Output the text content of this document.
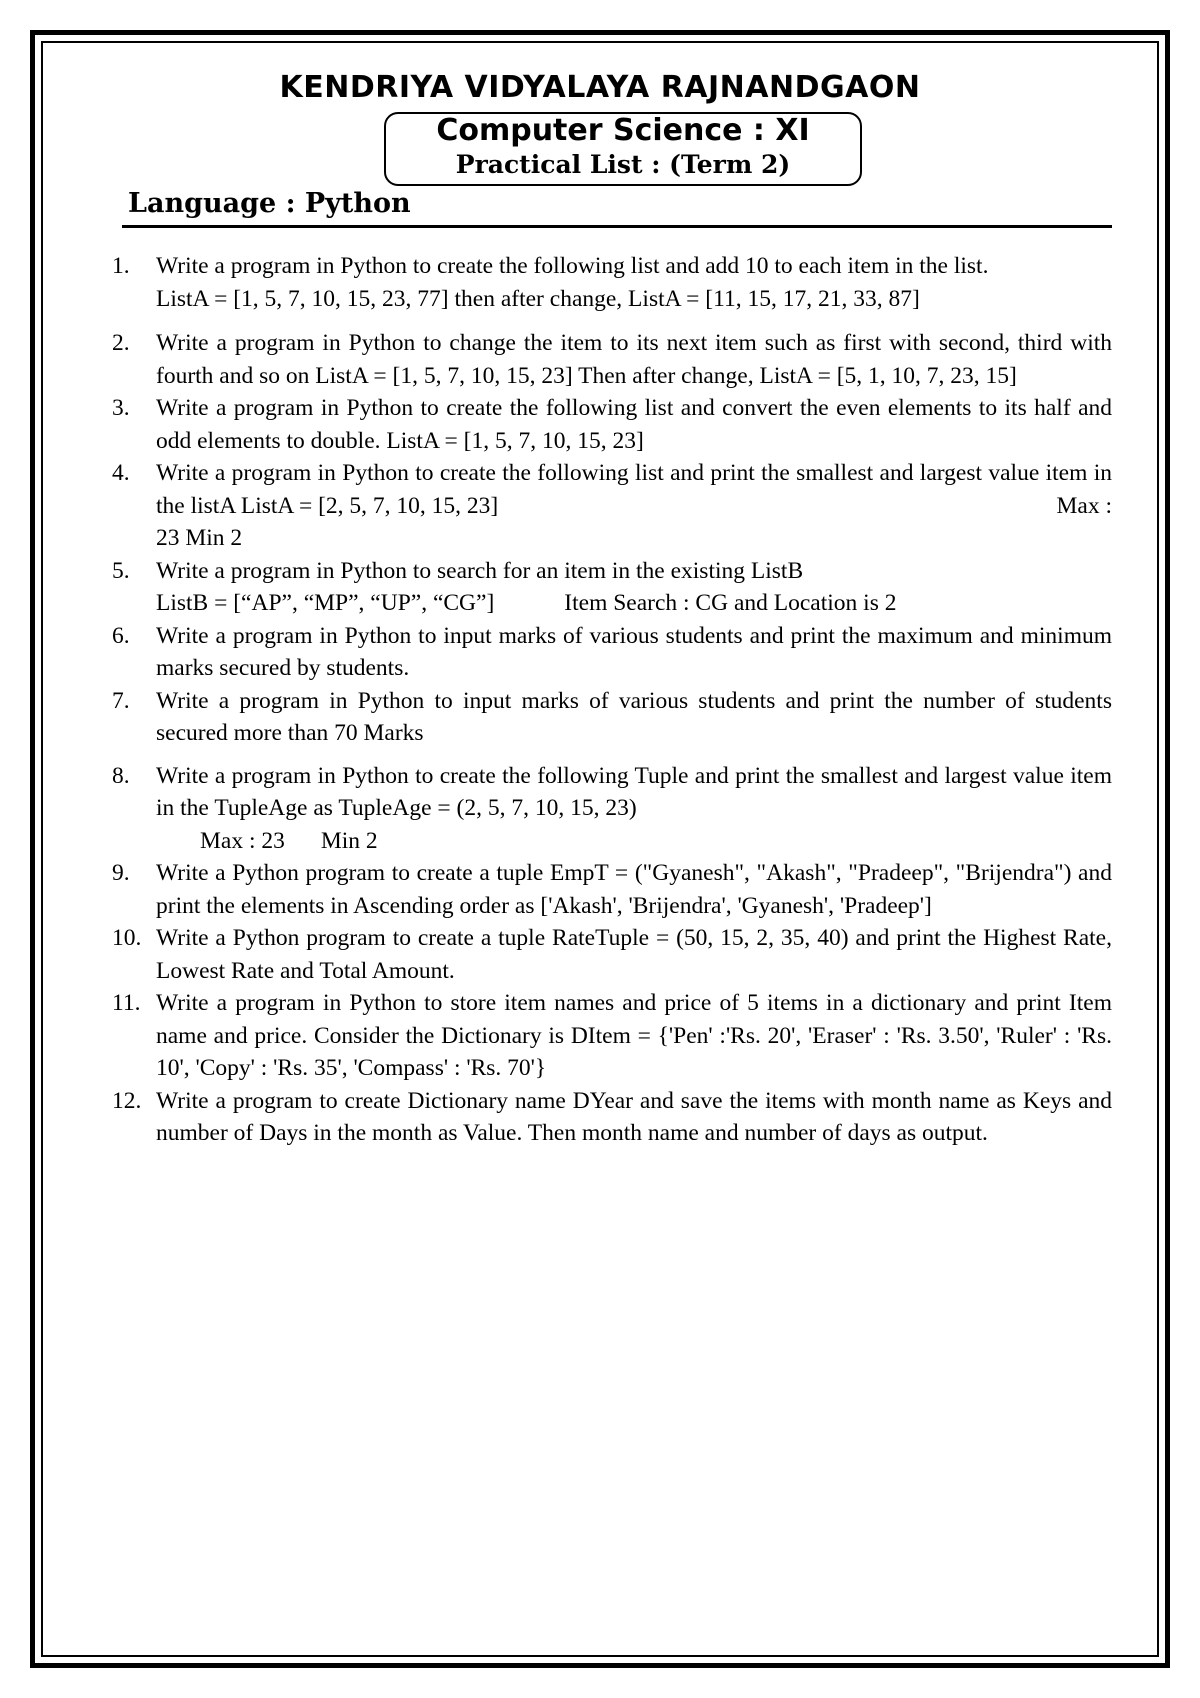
KENDRIYA VIDYALAYA RAJNANDGAON
Computer Science : XI
Practical List : (Term 2)
Language : Python
1. Write a program in Python to create the following list and add 10 to each item in the list.
ListA = [1, 5, 7, 10, 15, 23, 77] then after change, ListA = [11, 15, 17, 21, 33, 87]
2. Write a program in Python to change the item to its next item such as first with second, third with fourth and so on ListA = [1, 5, 7, 10, 15, 23] Then after change, ListA = [5, 1, 10, 7, 23, 15]
3. Write a program in Python to create the following list and convert the even elements to its half and odd elements to double. ListA = [1, 5, 7, 10, 15, 23]
4. Write a program in Python to create the following list and print the smallest and largest value item in the listA ListA = [2, 5, 7, 10, 15, 23]	Max :
23 Min 2
5. Write a program in Python to search for an item in the existing ListB
ListB = [“AP”, “MP”, “UP”, “CG”]	Item Search : CG and Location is 2
6. Write a program in Python to input marks of various students and print the maximum and minimum marks secured by students.
7. Write a program in Python to input marks of various students and print the number of students secured more than 70 Marks
8. Write a program in Python to create the following Tuple and print the smallest and largest value item in the TupleAge as TupleAge = (2, 5, 7, 10, 15, 23)
Max : 23 Min 2
9. Write a Python program to create a tuple EmpT = ("Gyanesh", "Akash", "Pradeep", "Brijendra") and print the elements in Ascending order as ['Akash', 'Brijendra', 'Gyanesh', 'Pradeep']
10. Write a Python program to create a tuple RateTuple = (50, 15, 2, 35, 40) and print the Highest Rate, Lowest Rate and Total Amount.
11. Write a program in Python to store item names and price of 5 items in a dictionary and print Item name and price. Consider the Dictionary is DItem = {'Pen' :'Rs. 20', 'Eraser' : 'Rs. 3.50', 'Ruler' : 'Rs. 10', 'Copy' : 'Rs. 35', 'Compass' : 'Rs. 70'}
12. Write a program to create Dictionary name DYear and save the items with month name as Keys and number of Days in the month as Value. Then month name and number of days as output.
